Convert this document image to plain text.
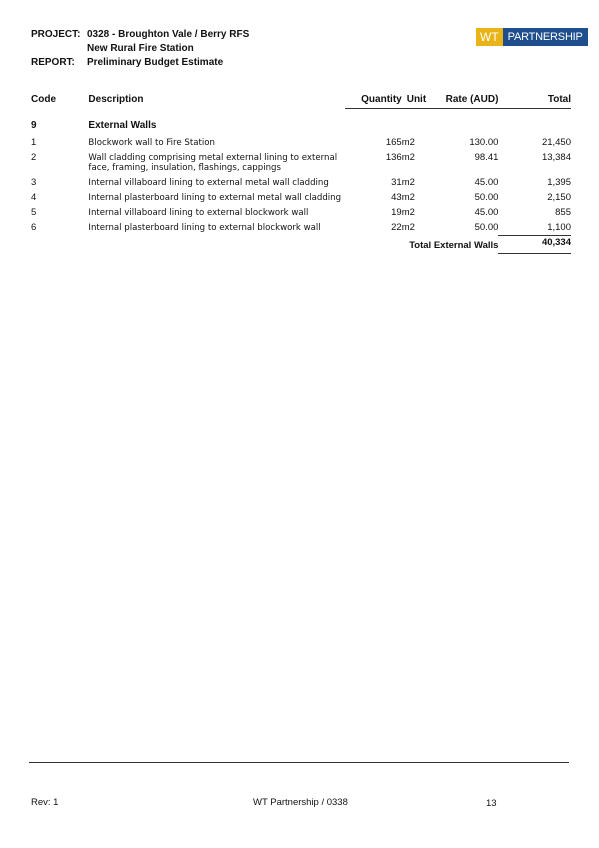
PROJECT: 0328 - Broughton Vale / Berry RFS
New Rural Fire Station
REPORT:	Preliminary Budget Estimate
WT PARTNERSHIP
Code	Description	Quantity	Unit	Rate (AUD)	Total
9	External Walls				
1	Blockwork wall to Fire Station	165	m2	130.00	21,450
2	Wall cladding comprising metal external lining to external face, framing, insulation, flashings, cappings	136	m2	98.41	13,384
3	Internal villaboard lining to external metal wall cladding	31	m2	45.00	1,395
4	Internal plasterboard lining to external metal wall cladding	43	m2	50.00	2,150
5	Internal villaboard lining to external blockwork wall	19	m2	45.00	855
6	Internal plasterboard lining to external blockwork wall	22	m2	50.00	1,100
		Total External Walls			40,334
Rev: 1	WT Partnership / 0338	13
